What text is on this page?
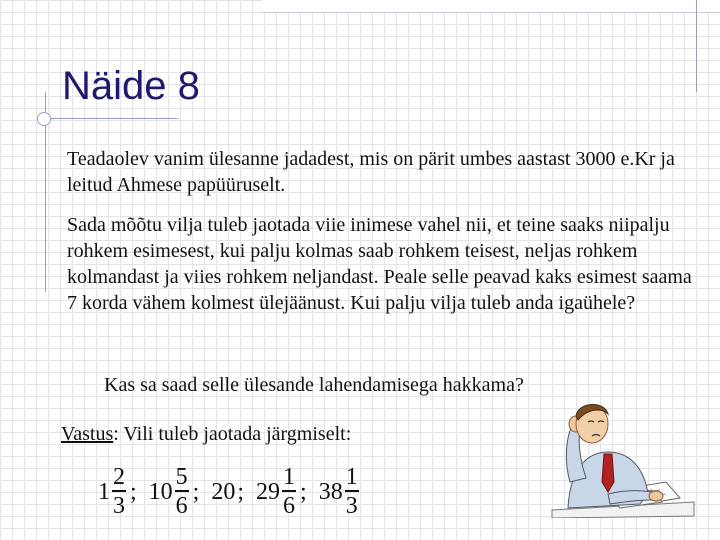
Näide 8

Teadaolev vanim ülesanne jadadest, mis on pärit umbes aastast 3000 e.Kr ja leitud Ahmese papüüruselt.

Sada mõõtu vilja tuleb jaotada viie inimese vahel nii, et teine saaks niipalju rohkem esimesest, kui palju kolmas saab rohkem teisest, neljas rohkem kolmandast ja viies rohkem neljandast. Peale selle peavad kaks esimest saama 7 korda vähem kolmest ülejäänust. Kui palju vilja tuleb anda igaühele?

Kas sa saad selle ülesande lahendamisega hakkama?

Vastus: Vili tuleb jaotada järgmiselt:

$1 \frac{2}{3}$ ; $10 \frac{5}{6}$ ; 20 ; $29 \frac{1}{6}$ ; $38 \frac{1}{3}$
